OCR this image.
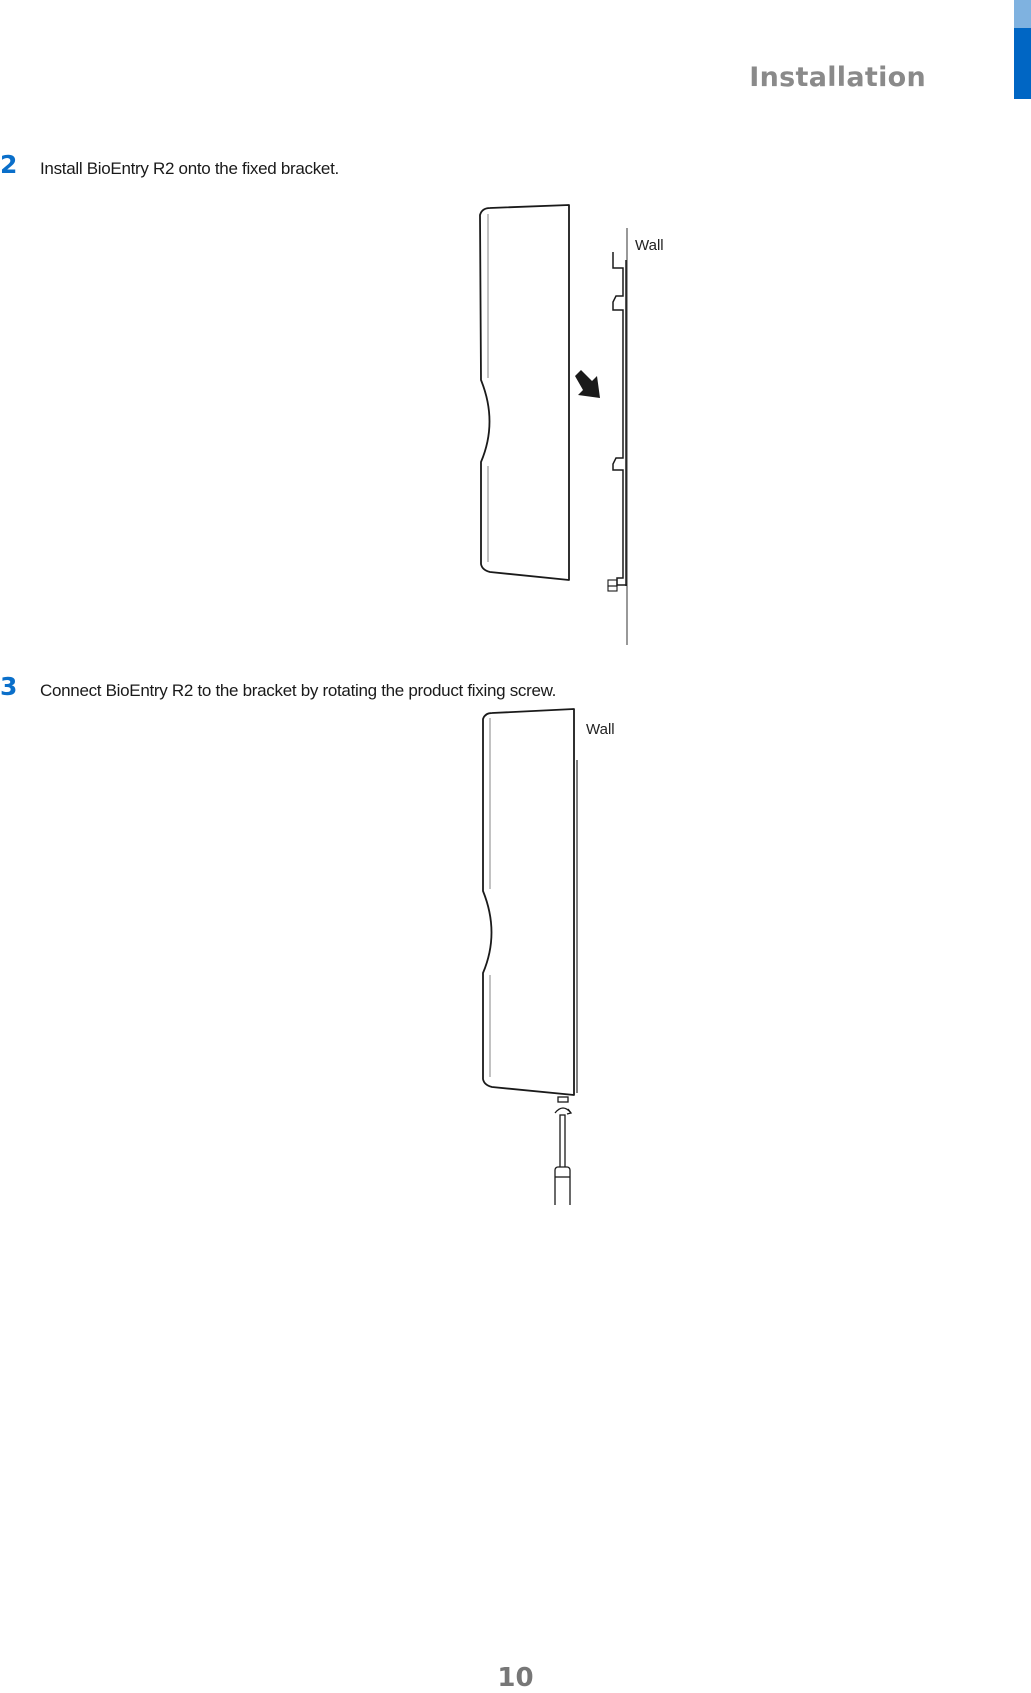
Installation
2 Install BioEntry R2 onto the fixed bracket.
Wall
3 Connect BioEntry R2 to the bracket by rotating the product fixing screw.
Wall
10
